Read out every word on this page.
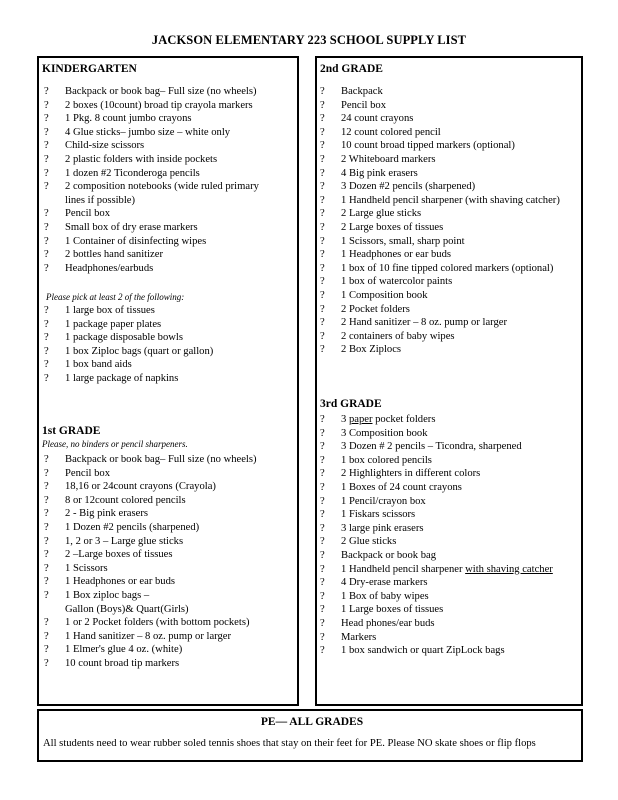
JACKSON ELEMENTARY 223 SCHOOL SUPPLY LIST
KINDERGARTEN
? Backpack or book bag– Full size (no wheels)
? 2 boxes (10count) broad tip crayola markers
? 1 Pkg. 8 count jumbo crayons
? 4 Glue sticks– jumbo size – white only
? Child-size scissors
? 2 plastic folders with inside pockets
? 1 dozen #2 Ticonderoga pencils
? 2 composition notebooks (wide ruled primary
lines if possible)
? Pencil box
? Small box of dry erase markers
? 1 Container of disinfecting wipes
? 2 bottles hand sanitizer
? Headphones/earbuds
Please pick at least 2 of the following:
? 1 large box of tissues
? 1 package paper plates
? 1 package disposable bowls
? 1 box Ziploc bags (quart or gallon)
? 1 box band aids
? 1 large package of napkins
1st GRADE
Please, no binders or pencil sharpeners.
? Backpack or book bag– Full size (no wheels)
? Pencil box
? 18,16 or 24count crayons (Crayola)
? 8 or 12count colored pencils
? 2 - Big pink erasers
? 1 Dozen #2 pencils (sharpened)
? 1, 2 or 3 – Large glue sticks
? 2 –Large boxes of tissues
? 1 Scissors
? 1 Headphones or ear buds
? 1 Box ziploc bags –
Gallon (Boys)& Quart(Girls)
? 1 or 2 Pocket folders (with bottom pockets)
? 1 Hand sanitizer – 8 oz. pump or larger
? 1 Elmer's glue 4 oz. (white)
? 10 count broad tip markers
2nd GRADE
? Backpack
? Pencil box
? 24 count crayons
? 12 count colored pencil
? 10 count broad tipped markers (optional)
? 2 Whiteboard markers
? 4 Big pink erasers
? 3 Dozen #2 pencils (sharpened)
? 1 Handheld pencil sharpener (with shaving catcher)
? 2 Large glue sticks
? 2 Large boxes of tissues
? 1 Scissors, small, sharp point
? 1 Headphones or ear buds
? 1 box of 10 fine tipped colored markers (optional)
? 1 box of watercolor paints
? 1 Composition book
? 2 Pocket folders
? 2 Hand sanitizer – 8 oz. pump or larger
? 2 containers of baby wipes
? 2 Box Ziplocs
3rd GRADE
? 3 paper pocket folders
? 3 Composition book
? 3 Dozen # 2 pencils – Ticondra, sharpened
? 1 box colored pencils
? 2 Highlighters in different colors
? 1 Boxes of 24 count crayons
? 1 Pencil/crayon box
? 1 Fiskars scissors
? 3 large pink erasers
? 2 Glue sticks
? Backpack or book bag
? 1 Handheld pencil sharpener with shaving catcher
? 4 Dry-erase markers
? 1 Box of baby wipes
? 1 Large boxes of tissues
? Head phones/ear buds
? Markers
? 1 box sandwich or quart ZipLock bags
PE— ALL GRADES
All students need to wear rubber soled tennis shoes that stay on their feet for PE. Please NO skate shoes or flip flops
